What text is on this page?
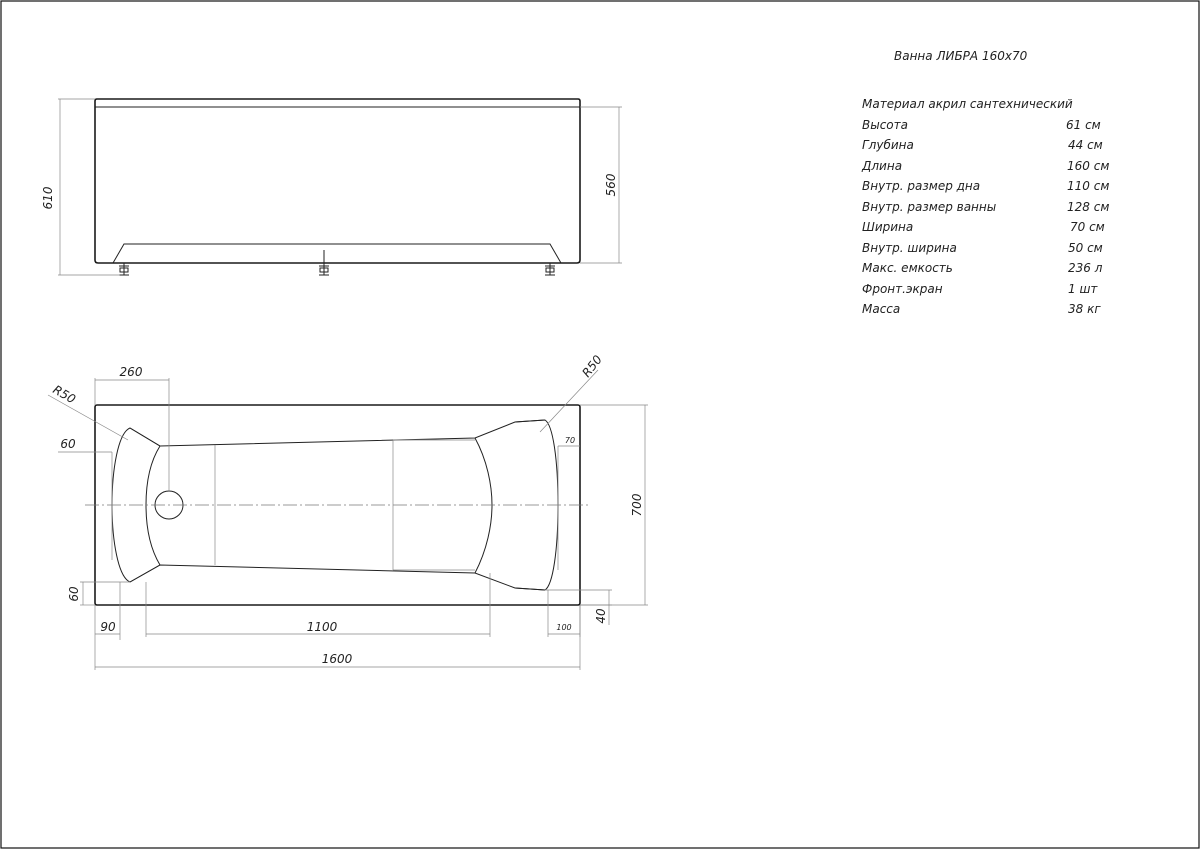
610
560
260
R50
R50
60	70
700
60
40
90	1100	100
1600
Ванна ЛИБРА 160х70
Материал акрил сантехнический
Высота	61 см
Глубина	44 см
Длина	160 см
Внутр. размер дна	110 см
Внутр. размер ванны	128 см
Ширина	70 см
Внутр. ширина	50 см
Макс. емкость	236 л
Фронт.экран	1 шт
Масса	38 кг
